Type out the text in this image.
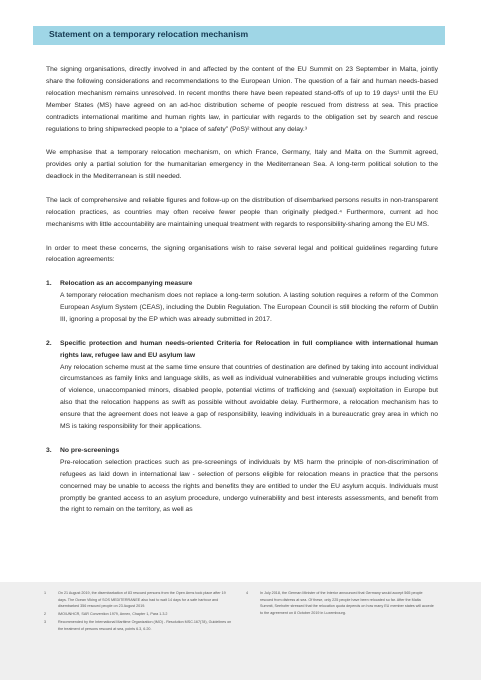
Statement on a temporary relocation mechanism

The signing organisations, directly involved in and affected by the content of the EU Summit on 23 September in Malta, jointly share the following considerations and recommendations to the European Union. The question of a fair and human needs-based relocation mechanism remains unresolved. In recent months there have been repeated stand-offs of up to 19 days¹ until the EU Member States (MS) have agreed on an ad-hoc distribution scheme of people rescued from distress at sea. This practice contradicts international maritime and human rights law, in particular with regards to the obligation set by search and rescue regulations to bring shipwrecked people to a “place of safety” (PoS)² without any delay.³

We emphasise that a temporary relocation mechanism, on which France, Germany, Italy and Malta on the Summit agreed, provides only a partial solution for the humanitarian emergency in the Mediterranean Sea. A long-term political solution to the deadlock in the Mediterranean is still needed.

The lack of comprehensive and reliable figures and follow-up on the distribution of disembarked persons results in non-transparent relocation practices, as countries may often receive fewer people than originally pledged.⁴ Furthermore, current ad hoc mechanisms with little accountability are maintaining unequal treatment with regards to responsibility-sharing among the EU MS.

In order to meet these concerns, the signing organisations wish to raise several legal and political guidelines regarding future relocation agreements:

1. Relocation as an accompanying measure
A temporary relocation mechanism does not replace a long-term solution. A lasting solution requires a reform of the Common European Asylum System (CEAS), including the Dublin Regulation. The European Council is still blocking the reform of Dublin III, ignoring a proposal by the EP which was already submitted in 2017.
2. Specific protection and human needs-oriented Criteria for Relocation in full compliance with international human rights law, refugee law and EU asylum law
Any relocation scheme must at the same time ensure that countries of destination are defined by taking into account individual circumstances as family links and language skills, as well as individual vulnerabilities and vulnerable groups including victims of violence, unaccompanied minors, disabled people, potential victims of trafficking and (sexual) exploitation in Europe but also that the relocation happens as swift as possible without avoidable delay. Furthermore, a relocation mechanism has to ensure that the agreement does not leave a gap of responsibility, leaving individuals in a bureaucratic grey area in which no MS is taking responsibility for their applications.
3. No pre-screenings
Pre-relocation selection practices such as pre-screenings of individuals by MS harm the principle of non-discrimination of refugees as laid down in international law - selection of persons eligible for relocation means in practice that the persons concerned may be unable to access the rights and benefits they are entitled to under the EU asylum acquis. Individuals must promptly be granted access to an asylum procedure, undergo vulnerability and best interests assessments, and benefit from the right to remain on the territory, as well as
1	On 21 August 2019, the disembarkation of 83 rescued persons from the Open Arms took place after 19 days. The Ocean Viking of SOS MEDITERRANEE also had to wait 14 days for a safe harbour and disembarked 356 rescued people on 23 August 2019.
2	IMO/UNHCR, SAR Convention 1979, Annex, Chapter 1, Para 1.3.2
3	Recommended by the International Maritime Organization (IMO) - Resolution MSC.167(78), Guidelines on the treatment of persons rescued at sea, points 6.3, 6.20.
4	In July 2018, the German Minister of the Interior announced that Germany would accept 565 people rescued from distress at sea. Of these, only 225 people have been relocated so far. After the Malta Summit, Seehofer stressed that the relocation quota depends on how many EU member states will accede to the agreement on 8 October 2019 in Luxembourg.
